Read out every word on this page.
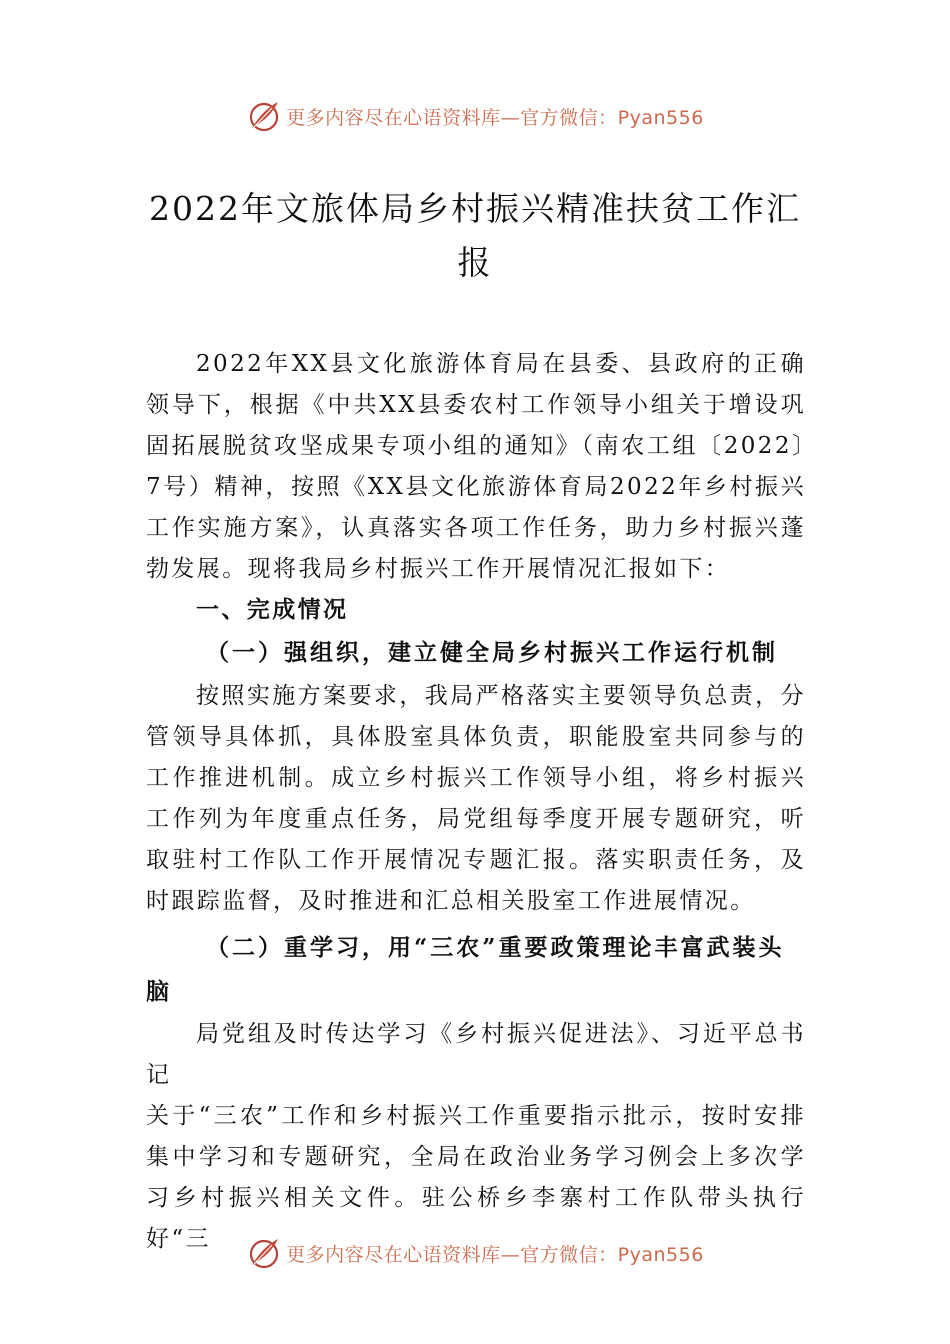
更多内容尽在心语资料库—官方微信：Pyan556
2022年文旅体局乡村振兴精准扶贫工作汇
报

2022年XX县文化旅游体育局在县委、县政府的正确领导下，根据《中共XX县委农村工作领导小组关于增设巩固拓展脱贫攻坚成果专项小组的通知》（南农工组〔2022〕7号）精神，按照《XX县文化旅游体育局2022年乡村振兴工作实施方案》，认真落实各项工作任务，助力乡村振兴蓬勃发展。现将我局乡村振兴工作开展情况汇报如下：

一、完成情况

（一）强组织，建立健全局乡村振兴工作运行机制

按照实施方案要求，我局严格落实主要领导负总责，分管领导具体抓，具体股室具体负责，职能股室共同参与的工作推进机制。成立乡村振兴工作领导小组，将乡村振兴工作列为年度重点任务，局党组每季度开展专题研究，听取驻村工作队工作开展情况专题汇报。落实职责任务，及时跟踪监督，及时推进和汇总相关股室工作进展情况。

（二）重学习，用“三农”重要政策理论丰富武装头

脑

局党组及时传达学习《乡村振兴促进法》、习近平总书记

关于“三农”工作和乡村振兴工作重要指示批示，按时安排集中学习和专题研究，全局在政治业务学习例会上多次学习乡村振兴相关文件。驻公桥乡李寨村工作队带头执行好“三

更多内容尽在心语资料库—官方微信：Pyan556
